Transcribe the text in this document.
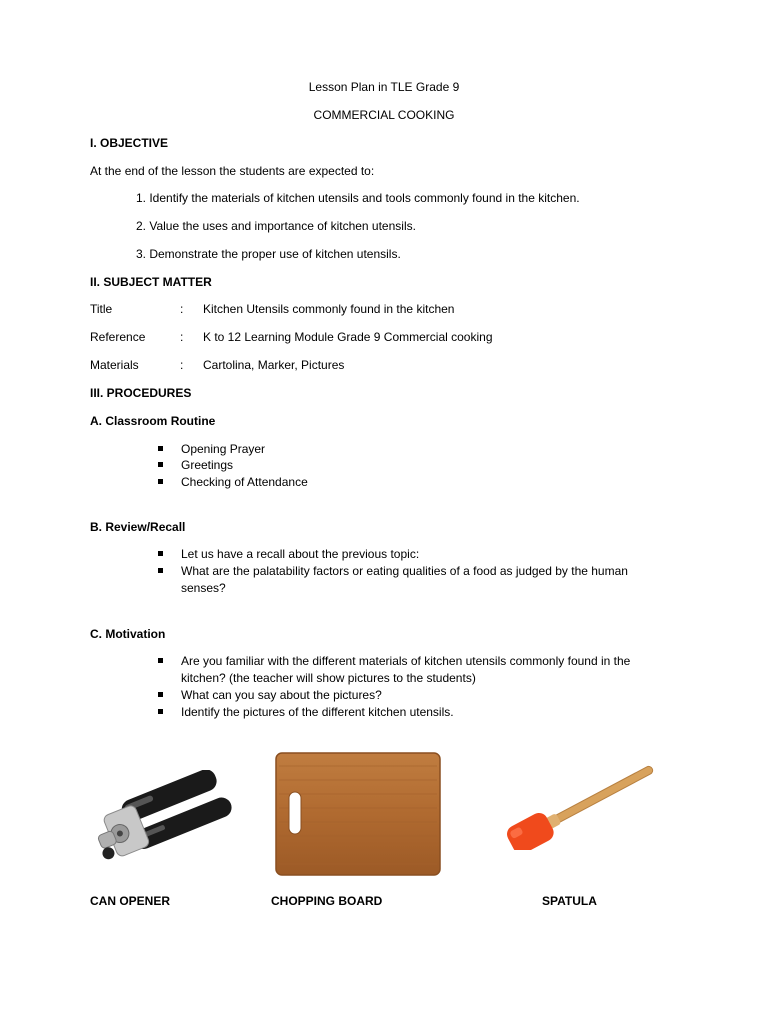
Lesson Plan in TLE Grade 9
COMMERCIAL COOKING
I. OBJECTIVE
At the end of the lesson the students are expected to:
1. Identify the materials of kitchen utensils and tools commonly found in the kitchen.
2. Value the uses and importance of kitchen utensils.
3. Demonstrate the proper use of kitchen utensils.
II. SUBJECT MATTER
Title	: Kitchen Utensils commonly found in the kitchen
Reference	: K to 12 Learning Module Grade 9 Commercial cooking
Materials	: Cartolina, Marker, Pictures
III. PROCEDURES
A. Classroom Routine
Opening Prayer
Greetings
Checking of Attendance
B. Review/Recall
Let us have a recall about the previous topic:
What are the palatability factors or eating qualities of a food as judged by the human
senses?
C. Motivation
Are you familiar with the different materials of kitchen utensils commonly found in the
kitchen? (the teacher will show pictures to the students)
What can you say about the pictures?
Identify the pictures of the different kitchen utensils.
CAN OPENER	CHOPPING BOARD	SPATULA
